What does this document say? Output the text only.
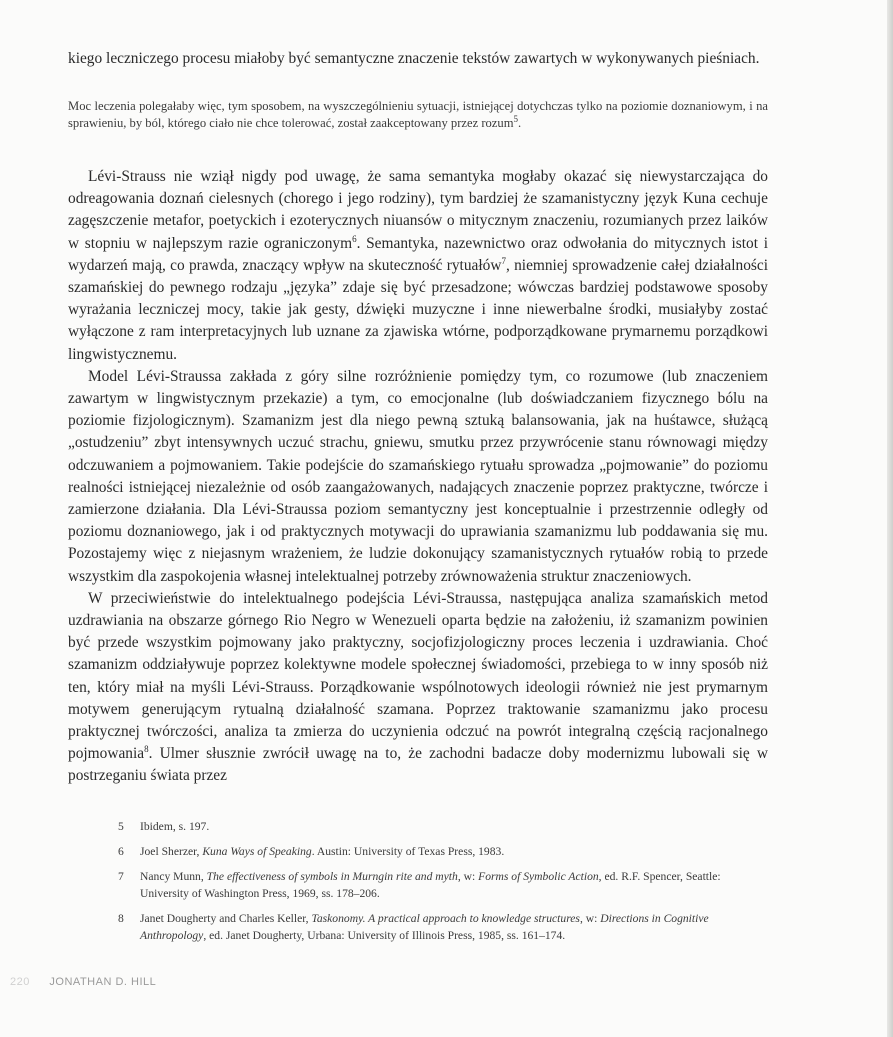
kiego leczniczego procesu miałoby być semantyczne znaczenie tekstów zawartych w wykonywanych pieśniach.

Moc leczenia polegałaby więc, tym sposobem, na wyszczególnieniu sytuacji, istniejącej dotychczas tylko na poziomie doznaniowym, i na sprawieniu, by ból, którego ciało nie chce tolerować, został zaakceptowany przez rozum$^5$.

Lévi-Strauss nie wziął nigdy pod uwagę, że sama semantyka mogłaby okazać się niewystarczająca do odreagowania doznań cielesnych (chorego i jego rodziny), tym bardziej że szamanistyczny język Kuna cechuje zagęszczenie metafor, poetyckich i ezoterycznych niuansów o mitycznym znaczeniu, rozumianych przez laików w stopniu w najlepszym razie ograniczonym$^6$. Semantyka, nazewnictwo oraz odwołania do mitycznych istot i wydarzeń mają, co prawda, znaczący wpływ na skuteczność rytuałów$^7$, niemniej sprowadzenie całej działalności szamańskiej do pewnego rodzaju „języka” zdaje się być przesadzone; wówczas bardziej podstawowe sposoby wyrażania leczniczej mocy, takie jak gesty, dźwięki muzyczne i inne niewerbalne środki, musiałyby zostać wyłączone z ram interpretacyjnych lub uznane za zjawiska wtórne, podporządkowane prymarnemu porządkowi lingwistycznemu.

Model Lévi-Straussa zakłada z góry silne rozróżnienie pomiędzy tym, co rozumowe (lub znaczeniem zawartym w lingwistycznym przekazie) a tym, co emocjonalne (lub doświadczaniem fizycznego bólu na poziomie fizjologicznym). Szamanizm jest dla niego pewną sztuką balansowania, jak na huśtawce, służącą „ostudzeniu” zbyt intensywnych uczuć strachu, gniewu, smutku przez przywrócenie stanu równowagi między odczuwaniem a pojmowaniem. Takie podejście do szamańskiego rytuału sprowadza „pojmowanie” do poziomu realności istniejącej niezależnie od osób zaangażowanych, nadających znaczenie poprzez praktyczne, twórcze i zamierzone działania. Dla Lévi-Straussa poziom semantyczny jest konceptualnie i przestrzennie odległy od poziomu doznaniowego, jak i od praktycznych motywacji do uprawiania szamanizmu lub poddawania się mu. Pozostajemy więc z niejasnym wrażeniem, że ludzie dokonujący szamanistycznych rytuałów robią to przede wszystkim dla zaspokojenia własnej intelektualnej potrzeby zrównoważenia struktur znaczeniowych.

W przeciwieństwie do intelektualnego podejścia Lévi-Straussa, następująca analiza szamańskich metod uzdrawiania na obszarze górnego Rio Negro w Wenezueli oparta będzie na założeniu, iż szamanizm powinien być przede wszystkim pojmowany jako praktyczny, socjofizjologiczny proces leczenia i uzdrawiania. Choć szamanizm oddziaływuje poprzez kolektywne modele społecznej świadomości, przebiega to w inny sposób niż ten, który miał na myśli Lévi-Strauss. Porządkowanie wspólnotowych ideologii również nie jest prymarnym motywem generującym rytualną działalność szamana. Poprzez traktowanie szamanizmu jako procesu praktycznej twórczości, analiza ta zmierza do uczynienia odczuć na powrót integralną częścią racjonalnego pojmowania$^8$. Ulmer słusznie zwrócił uwagę na to, że zachodni badacze doby modernizmu lubowali się w postrzeganiu świata przez

5	Ibidem, s. 197.
6	Joel Sherzer, Kuna Ways of Speaking. Austin: University of Texas Press, 1983.
7	Nancy Munn, The effectiveness of symbols in Murngin rite and myth, w: Forms of Symbolic Action, ed. R.F. Spencer, Seattle: University of Washington Press, 1969, ss. 178–206.
8	Janet Dougherty and Charles Keller, Taskonomy. A practical approach to knowledge structures, w: Directions in Cognitive Anthropology, ed. Janet Dougherty, Urbana: University of Illinois Press, 1985, ss. 161–174.
220 JONATHAN D. HILL
